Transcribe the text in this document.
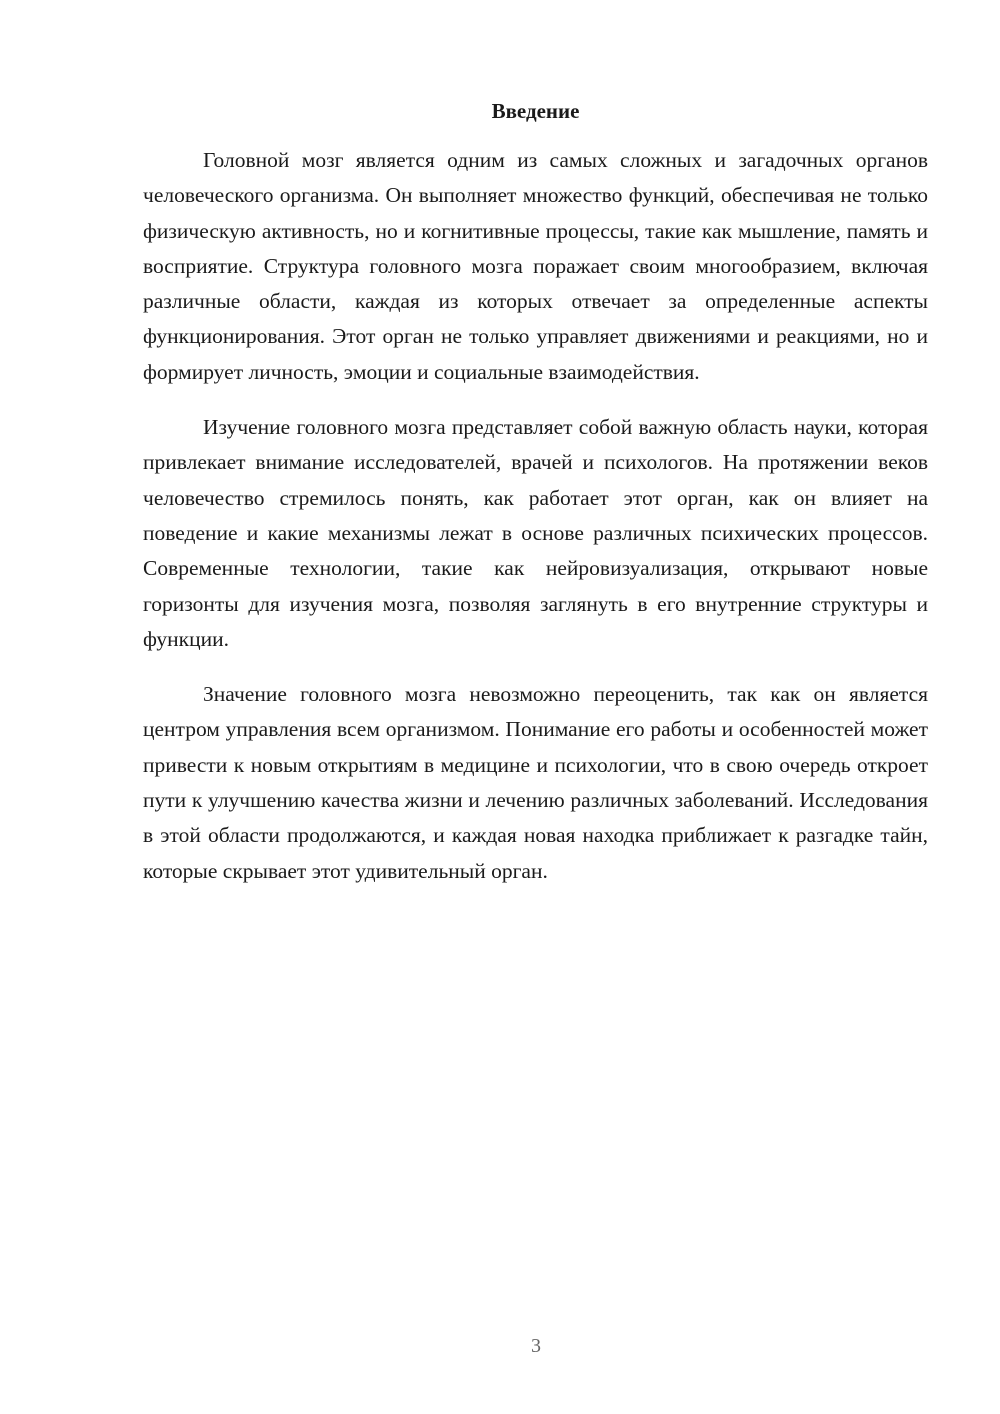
Введение

Головной мозг является одним из самых сложных и загадочных органов человеческого организма. Он выполняет множество функций, обеспечивая не только физическую активность, но и когнитивные процессы, такие как мышление, память и восприятие. Структура головного мозга поражает своим многообразием, включая различные области, каждая из которых отвечает за определенные аспекты функционирования. Этот орган не только управляет движениями и реакциями, но и формирует личность, эмоции и социальные взаимодействия.

Изучение головного мозга представляет собой важную область науки, которая привлекает внимание исследователей, врачей и психологов. На протяжении веков человечество стремилось понять, как работает этот орган, как он влияет на поведение и какие механизмы лежат в основе различных психических процессов. Современные технологии, такие как нейровизуализация, открывают новые горизонты для изучения мозга, позволяя заглянуть в его внутренние структуры и функции.

Значение головного мозга невозможно переоценить, так как он является центром управления всем организмом. Понимание его работы и особенностей может привести к новым открытиям в медицине и психологии, что в свою очередь откроет пути к улучшению качества жизни и лечению различных заболеваний. Исследования в этой области продолжаются, и каждая новая находка приближает к разгадке тайн, которые скрывает этот удивительный орган.

3
